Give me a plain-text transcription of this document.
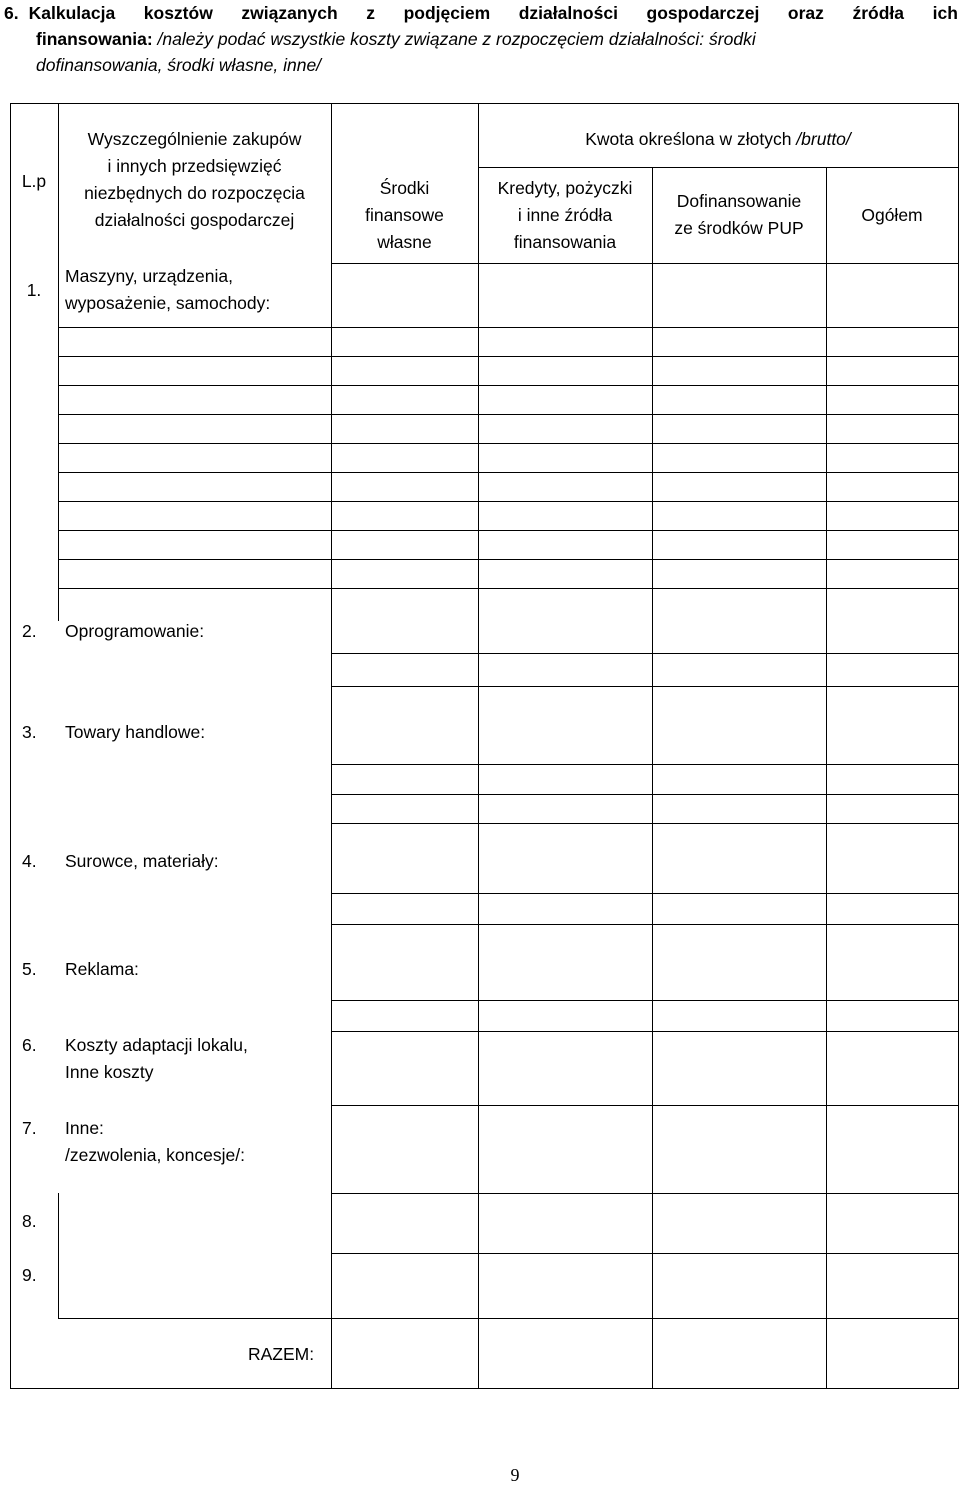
6. Kalkulacja kosztów związanych z podjęciem działalności gospodarczej oraz źródła ich
finansowania: /należy podać wszystkie koszty związane z rozpoczęciem działalności: środki
dofinansowania, środki własne, inne/
L.p
Wyszczególnienie zakupów
i innych przedsięwzięć
niezbędnych do rozpoczęcia
działalności gospodarczej
Środki
finansowe
własne
Kwota określona w złotych /brutto/
Kredyty, pożyczki
i inne źródła
finansowania
Dofinansowanie
ze środków PUP
Ogółem
1.
Maszyny, urządzenia,
wyposażenie, samochody:
2. Oprogramowanie:
3. Towary handlowe:
4. Surowce, materiały:
5. Reklama:
6. Koszty adaptacji lokalu,
Inne koszty
7. Inne:
/zezwolenia, koncesje/:
8.
9.
RAZEM:
9
